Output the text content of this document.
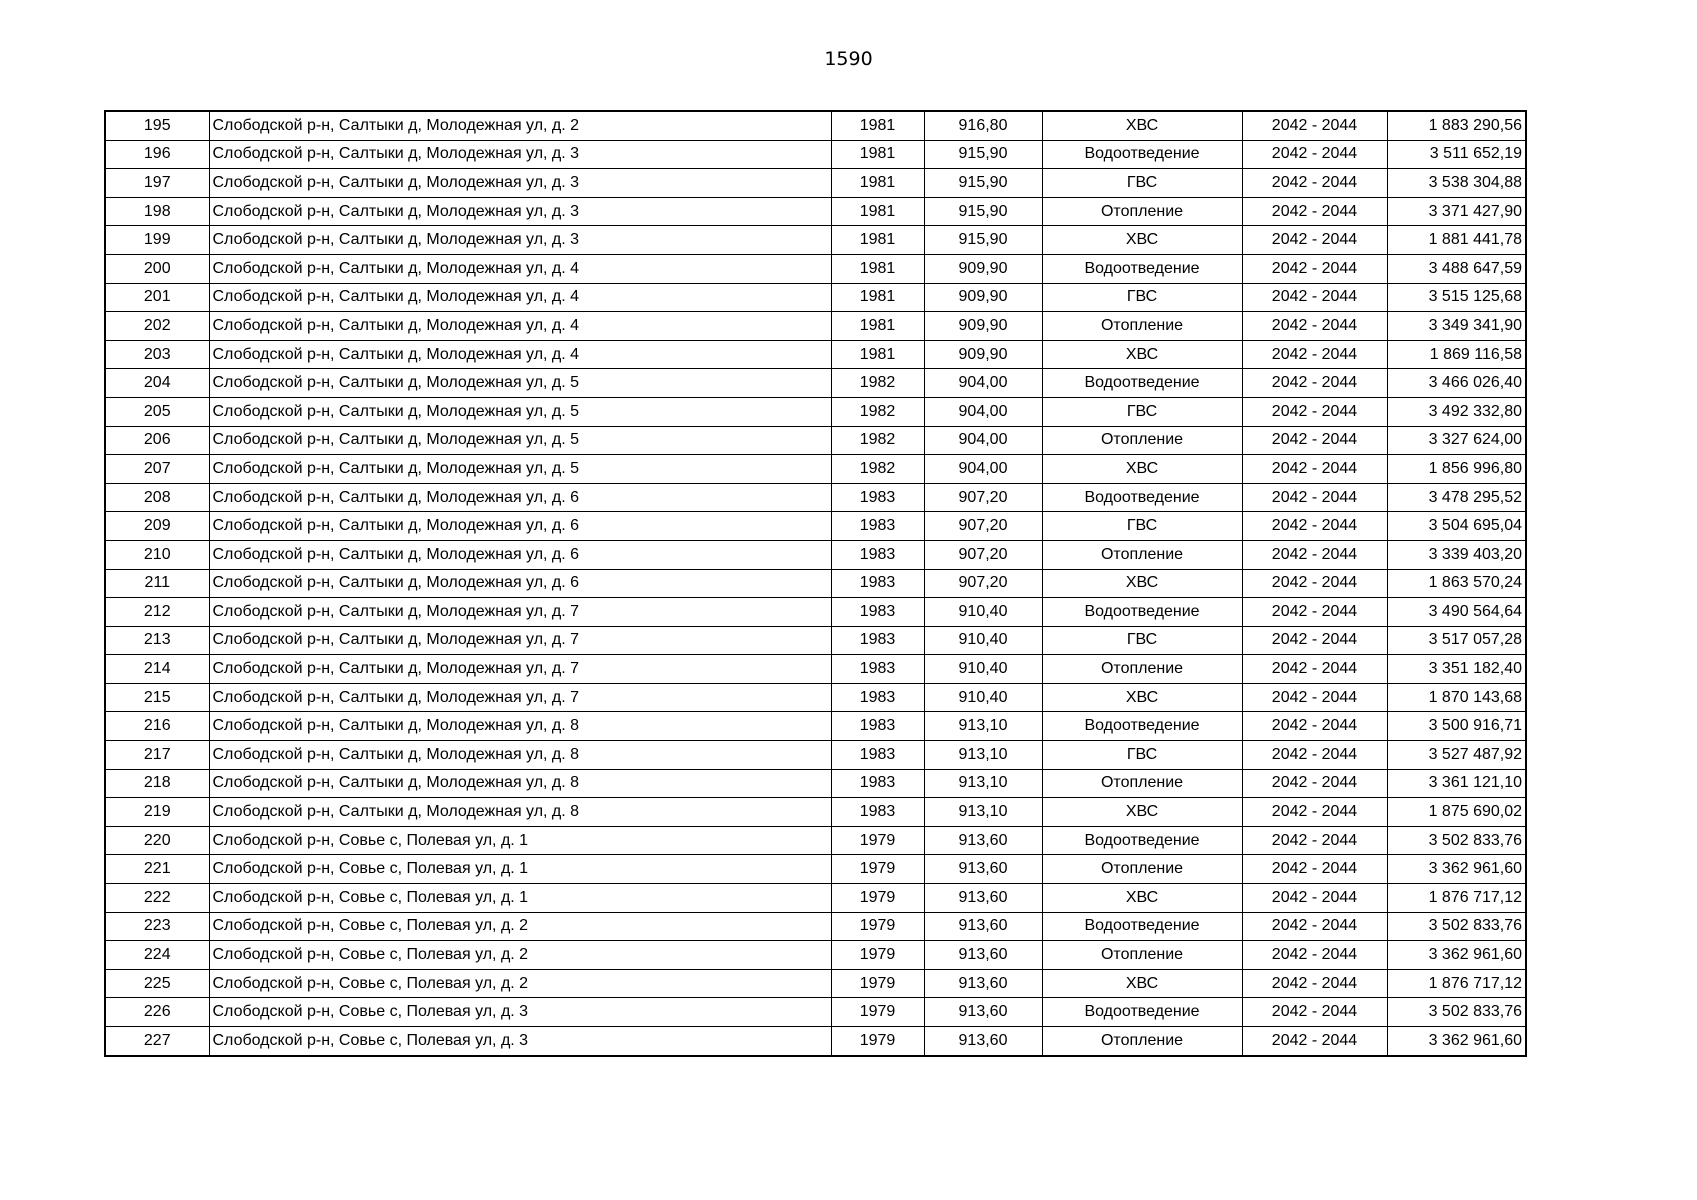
1590
195	Слободской р-н, Салтыки д, Молодежная ул, д. 2	1981	916,80	ХВС	2042 - 2044	1 883 290,56
196	Слободской р-н, Салтыки д, Молодежная ул, д. 3	1981	915,90	Водоотведение	2042 - 2044	3 511 652,19
197	Слободской р-н, Салтыки д, Молодежная ул, д. 3	1981	915,90	ГВС	2042 - 2044	3 538 304,88
198	Слободской р-н, Салтыки д, Молодежная ул, д. 3	1981	915,90	Отопление	2042 - 2044	3 371 427,90
199	Слободской р-н, Салтыки д, Молодежная ул, д. 3	1981	915,90	ХВС	2042 - 2044	1 881 441,78
200	Слободской р-н, Салтыки д, Молодежная ул, д. 4	1981	909,90	Водоотведение	2042 - 2044	3 488 647,59
201	Слободской р-н, Салтыки д, Молодежная ул, д. 4	1981	909,90	ГВС	2042 - 2044	3 515 125,68
202	Слободской р-н, Салтыки д, Молодежная ул, д. 4	1981	909,90	Отопление	2042 - 2044	3 349 341,90
203	Слободской р-н, Салтыки д, Молодежная ул, д. 4	1981	909,90	ХВС	2042 - 2044	1 869 116,58
204	Слободской р-н, Салтыки д, Молодежная ул, д. 5	1982	904,00	Водоотведение	2042 - 2044	3 466 026,40
205	Слободской р-н, Салтыки д, Молодежная ул, д. 5	1982	904,00	ГВС	2042 - 2044	3 492 332,80
206	Слободской р-н, Салтыки д, Молодежная ул, д. 5	1982	904,00	Отопление	2042 - 2044	3 327 624,00
207	Слободской р-н, Салтыки д, Молодежная ул, д. 5	1982	904,00	ХВС	2042 - 2044	1 856 996,80
208	Слободской р-н, Салтыки д, Молодежная ул, д. 6	1983	907,20	Водоотведение	2042 - 2044	3 478 295,52
209	Слободской р-н, Салтыки д, Молодежная ул, д. 6	1983	907,20	ГВС	2042 - 2044	3 504 695,04
210	Слободской р-н, Салтыки д, Молодежная ул, д. 6	1983	907,20	Отопление	2042 - 2044	3 339 403,20
211	Слободской р-н, Салтыки д, Молодежная ул, д. 6	1983	907,20	ХВС	2042 - 2044	1 863 570,24
212	Слободской р-н, Салтыки д, Молодежная ул, д. 7	1983	910,40	Водоотведение	2042 - 2044	3 490 564,64
213	Слободской р-н, Салтыки д, Молодежная ул, д. 7	1983	910,40	ГВС	2042 - 2044	3 517 057,28
214	Слободской р-н, Салтыки д, Молодежная ул, д. 7	1983	910,40	Отопление	2042 - 2044	3 351 182,40
215	Слободской р-н, Салтыки д, Молодежная ул, д. 7	1983	910,40	ХВС	2042 - 2044	1 870 143,68
216	Слободской р-н, Салтыки д, Молодежная ул, д. 8	1983	913,10	Водоотведение	2042 - 2044	3 500 916,71
217	Слободской р-н, Салтыки д, Молодежная ул, д. 8	1983	913,10	ГВС	2042 - 2044	3 527 487,92
218	Слободской р-н, Салтыки д, Молодежная ул, д. 8	1983	913,10	Отопление	2042 - 2044	3 361 121,10
219	Слободской р-н, Салтыки д, Молодежная ул, д. 8	1983	913,10	ХВС	2042 - 2044	1 875 690,02
220	Слободской р-н, Совье с, Полевая ул, д. 1	1979	913,60	Водоотведение	2042 - 2044	3 502 833,76
221	Слободской р-н, Совье с, Полевая ул, д. 1	1979	913,60	Отопление	2042 - 2044	3 362 961,60
222	Слободской р-н, Совье с, Полевая ул, д. 1	1979	913,60	ХВС	2042 - 2044	1 876 717,12
223	Слободской р-н, Совье с, Полевая ул, д. 2	1979	913,60	Водоотведение	2042 - 2044	3 502 833,76
224	Слободской р-н, Совье с, Полевая ул, д. 2	1979	913,60	Отопление	2042 - 2044	3 362 961,60
225	Слободской р-н, Совье с, Полевая ул, д. 2	1979	913,60	ХВС	2042 - 2044	1 876 717,12
226	Слободской р-н, Совье с, Полевая ул, д. 3	1979	913,60	Водоотведение	2042 - 2044	3 502 833,76
227	Слободской р-н, Совье с, Полевая ул, д. 3	1979	913,60	Отопление	2042 - 2044	3 362 961,60
